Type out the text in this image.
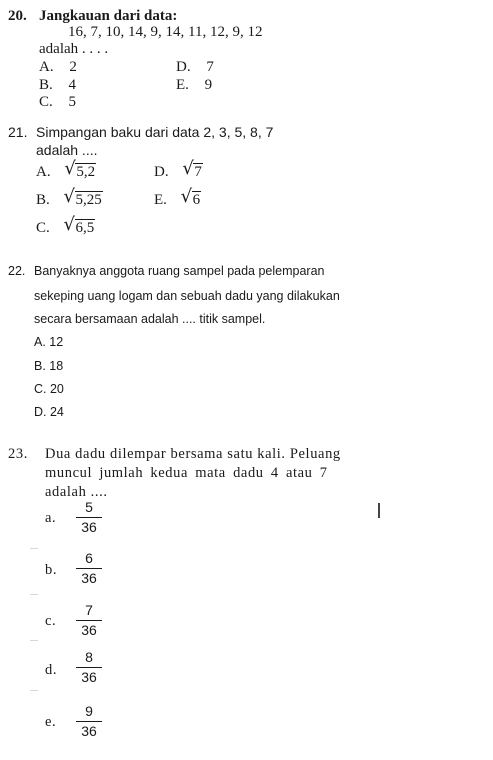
20. Jangkauan dari data:
16, 7, 10, 14, 9, 14, 11, 12, 9, 12
adalah . . . .
A. 2
B. 4
C. 5
D. 7
E. 9
21. Simpangan baku dari data 2, 3, 5, 8, 7
adalah ....
A. √ 5,2
B. √ 5,25
C. √ 6,5
D. √ 7
E. √ 6
22. Banyaknya anggota ruang sampel pada pelemparan
sekeping uang logam dan sebuah dadu yang dilakukan
secara bersamaan adalah .... titik sampel.
A. 12
B. 18
C. 20
D. 24
23. Dua dadu dilempar bersama satu kali. Peluang
muncul jumlah kedua mata dadu 4 atau 7
adalah ....
a.
5
36
b.
6
36
c.
7
36
d.
8
36
e.
9
36
